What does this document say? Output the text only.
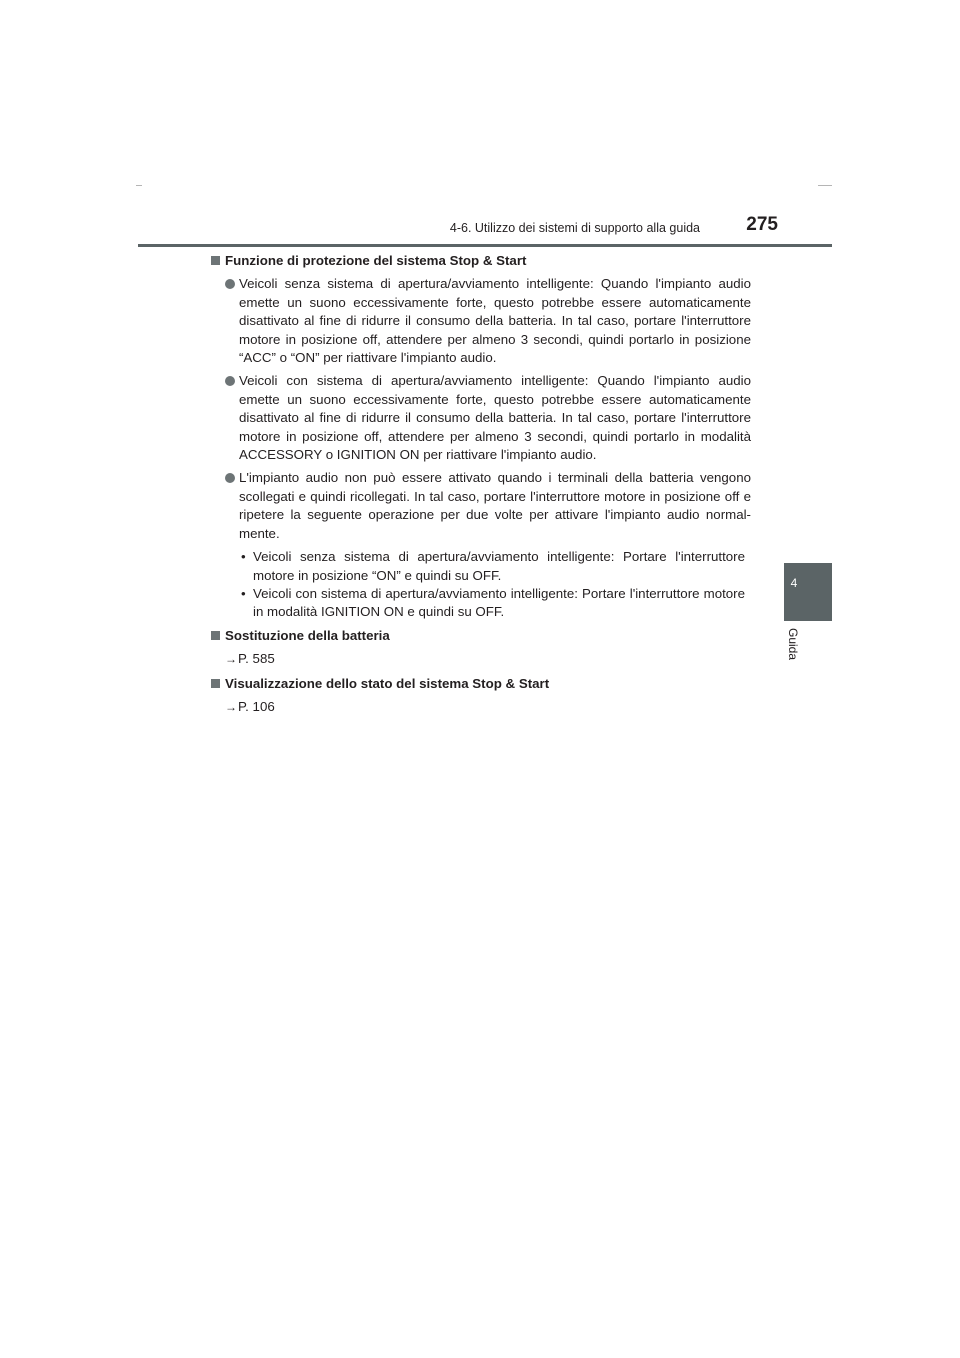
4-6. Utilizzo dei sistemi di supporto alla guida	275
4
Guida

Funzione di protezione del sistema Stop & Start

Veicoli senza sistema di apertura/avviamento intelligente: Quando l'impianto audio emette un suono eccessivamente forte, questo potrebbe essere automaticamente disattivato al fine di ridurre il consumo della batteria. In tal caso, portare l'interruttore motore in posizione off, attendere per almeno 3 secondi, quindi portarlo in posizione “ACC” o “ON” per riattivare l'impianto audio.

Veicoli con sistema di apertura/avviamento intelligente: Quando l'impianto audio emette un suono eccessivamente forte, questo potrebbe essere automaticamente disattivato al fine di ridurre il consumo della batteria. In tal caso, portare l'interruttore motore in posizione off, attendere per almeno 3 secondi, quindi portarlo in modalità ACCESSORY o IGNITION ON per riattivare l'impianto audio.

L'impianto audio non può essere attivato quando i terminali della batteria vengono scollegati e quindi ricollegati. In tal caso, portare l'interruttore motore in posizione off e ripetere la seguente operazione per due volte per attivare l'impianto audio normal-mente.

• Veicoli senza sistema di apertura/avviamento intelligente: Portare l'interruttore motore in posizione “ON” e quindi su OFF.

• Veicoli con sistema di apertura/avviamento intelligente: Portare l'interruttore motore in modalità IGNITION ON e quindi su OFF.

Sostituzione della batteria

→P. 585

Visualizzazione dello stato del sistema Stop & Start

→P. 106
